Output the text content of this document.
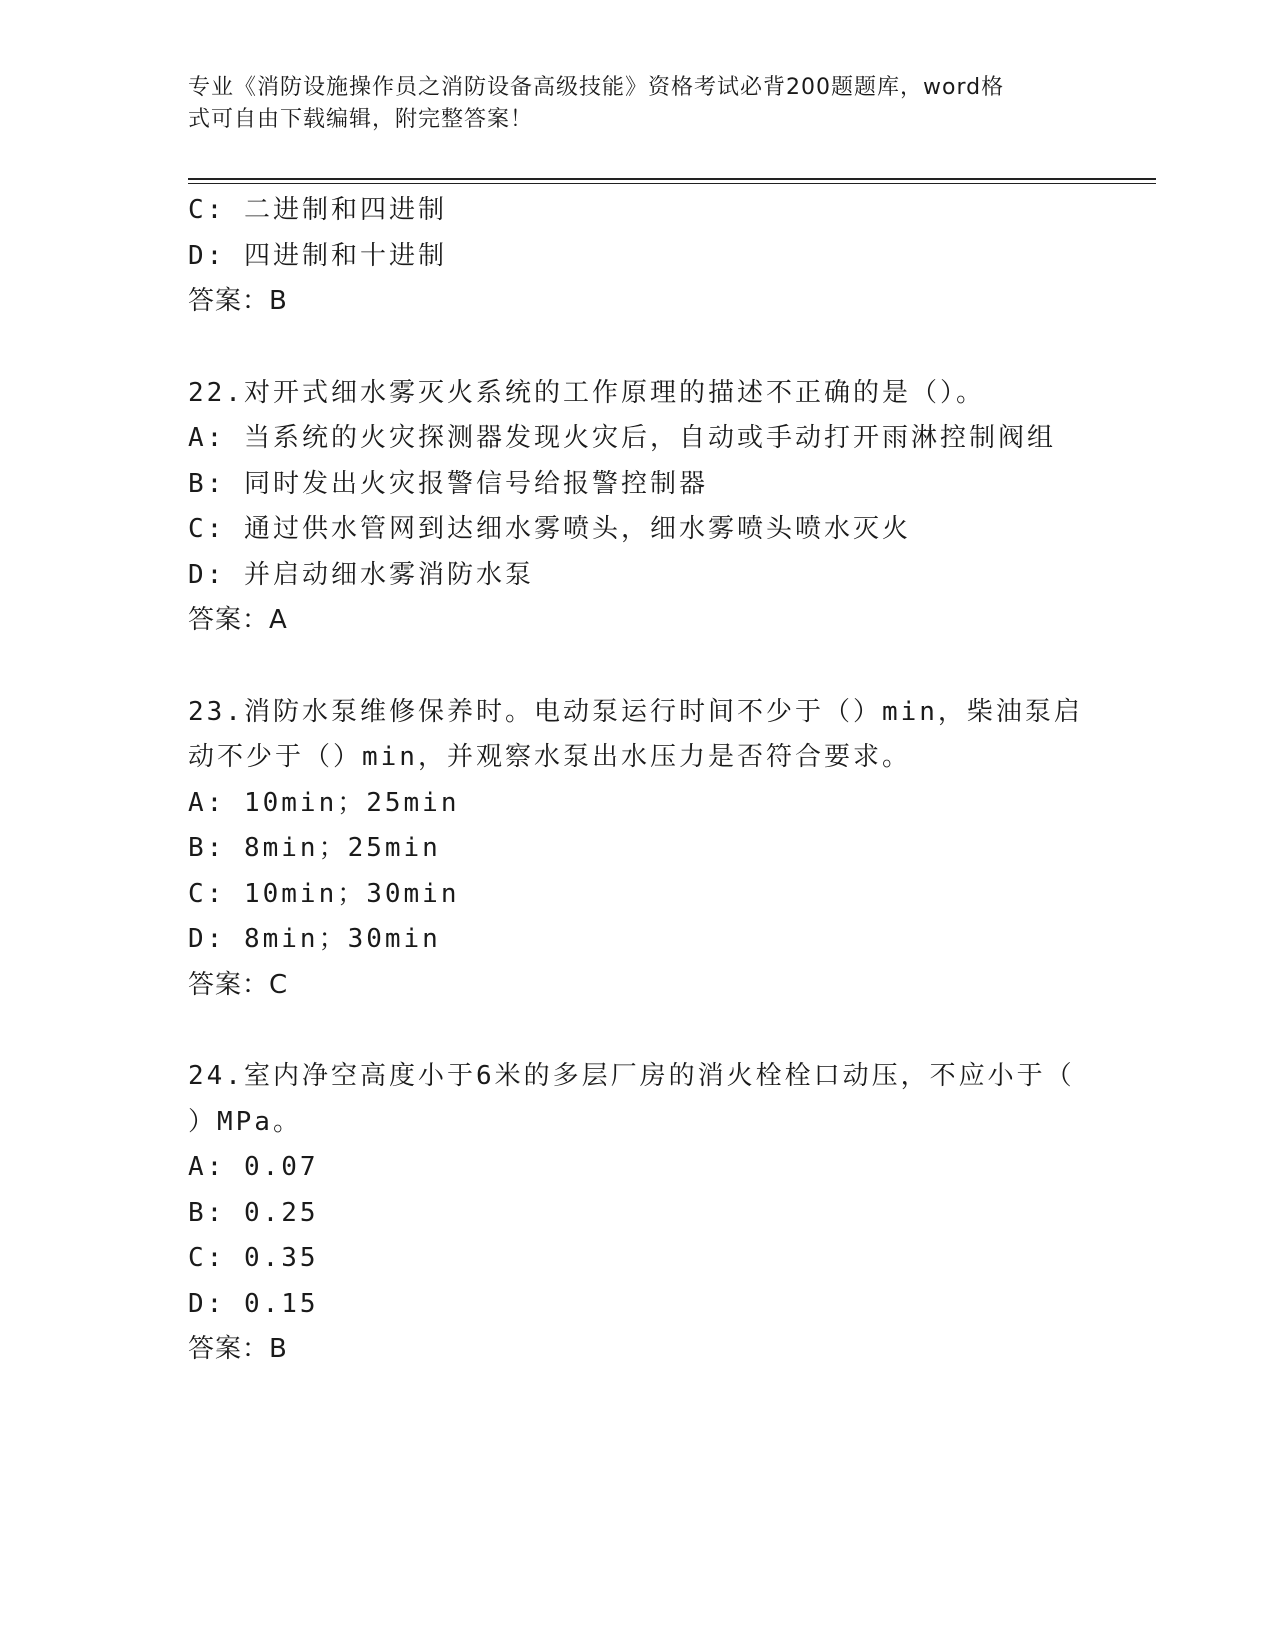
专业《消防设施操作员之消防设备高级技能》资格考试必背200题题库，word格
式可自由下载编辑，附完整答案！
C: 二进制和四进制
D: 四进制和十进制
答案：B
22.对开式细水雾灭火系统的工作原理的描述不正确的是（）。
A: 当系统的火灾探测器发现火灾后，自动或手动打开雨淋控制阀组
B: 同时发出火灾报警信号给报警控制器
C: 通过供水管网到达细水雾喷头，细水雾喷头喷水灭火
D: 并启动细水雾消防水泵
答案：A
23.消防水泵维修保养时。电动泵运行时间不少于（）min，柴油泵启
动不少于（）min，并观察水泵出水压力是否符合要求。
A: 10min；25min
B: 8min；25min
C: 10min；30min
D: 8min；30min
答案：C
24.室内净空高度小于6米的多层厂房的消火栓栓口动压，不应小于（
）MPa。
A: 0.07
B: 0.25
C: 0.35
D: 0.15
答案：B
